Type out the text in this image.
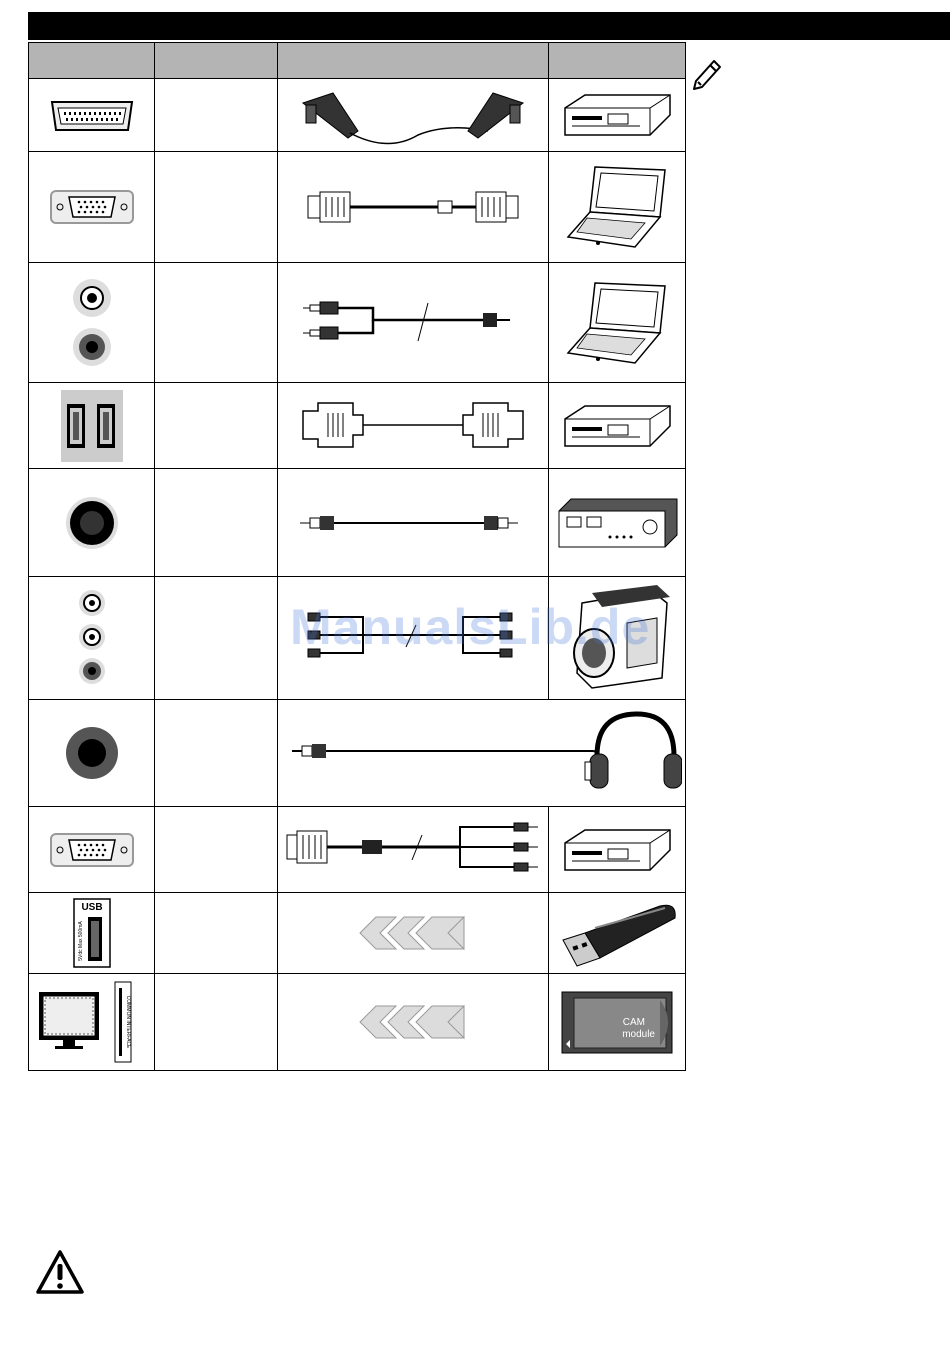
USB
5Vdc Max 500mA

COMMON INTERFACE			CAM
module
ManualsLib.de
